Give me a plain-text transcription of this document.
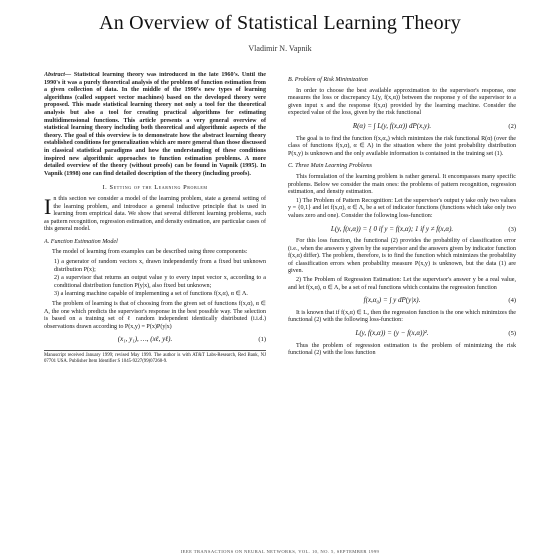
An Overview of Statistical Learning Theory
Vladimir N. Vapnik
Abstract— Statistical learning theory was introduced in the late 1960's. Until the 1990's it was a purely theoretical analysis of the problem of function estimation from a given collection of data. In the middle of the 1990's new types of learning algorithms (called support vector machines) based on the developed theory were proposed. This made statistical learning theory not only a tool for the theoretical analysis but also a tool for creating practical algorithms for estimating multidimensional functions. This article presents a very general overview of statistical learning theory including both theoretical and algorithmic aspects of the theory. The goal of this overview is to demonstrate how the abstract learning theory established conditions for generalization which are more general than those discussed in classical statistical paradigms and how the understanding of these conditions inspired new algorithmic approaches to function estimation problems. A more detailed overview of the theory (without proofs) can be found in Vapnik (1995). In Vapnik (1998) one can find detailed description of the theory (including proofs).
I. Setting of the Learning Problem
I n this section we consider a model of the learning problem, state a general setting of the learning problem, and introduce a general inductive principle that is used in learning from empirical data. We show that several different learning problems, such as pattern recognition, regression estimation, and density estimation, are particular cases of this general model.
A. Function Estimation Model
The model of learning from examples can be described using three components:
1) a generator of random vectors x, drawn independently from a fixed but unknown distribution P(x);
2) a supervisor that returns an output value y to every input vector x, according to a conditional distribution function P(y|x), also fixed but unknown;
3) a learning machine capable of implementing a set of functions f(x,α), α ∈ Λ.
The problem of learning is that of choosing from the given set of functions f(x,α), α ∈ Λ, the one which predicts the supervisor's response in the best possible way. The selection is based on a training set of ℓ random independent identically distributed (i.i.d.) observations drawn according to P(x,y) = P(x)P(y|x)
(x₁, y₁), …, (xℓ, yℓ).	(1)
Manuscript received January 1999; revised May 1999. The author is with AT&T Labs-Research, Red Bank, NJ 07701 USA. Publisher Item Identifier S 1045-9227(99)07268-9.
B. Problem of Risk Minimization
In order to choose the best available approximation to the supervisor's response, one measures the loss or discrepancy L(y, f(x,α)) between the response y of the supervisor to a given input x and the response f(x,α) provided by the learning machine. Consider the expected value of the loss, given by the risk functional
R(α) = ∫ L(y, f(x,α)) dP(x,y).	(2)
The goal is to find the function f(x,α₀) which minimizes the risk functional R(α) (over the class of functions f(x,α), α ∈ Λ) in the situation where the joint probability distribution P(x,y) is unknown and the only available information is contained in the training set (1).
C. Three Main Learning Problems
This formulation of the learning problem is rather general. It encompasses many specific problems. Below we consider the main ones: the problems of pattern recognition, regression estimation, and density estimation.
1) The Problem of Pattern Recognition: Let the supervisor's output y take only two values y = {0,1} and let f(x,α), α ∈ Λ, be a set of indicator functions (functions which take only two values zero and one). Consider the following loss-function:
L(y, f(x,α)) = { 0 if y = f(x,α); 1 if y ≠ f(x,α).	(3)
For this loss function, the functional (2) provides the probability of classification error (i.e., when the answers y given by the supervisor and the answers given by indicator function f(x,α) differ). The problem, therefore, is to find the function which minimizes the probability of classification errors when probability measure P(x,y) is unknown, but the data (1) are given.
2) The Problem of Regression Estimation: Let the supervisor's answer y be a real value, and let f(x,α), α ∈ Λ, be a set of real functions which contains the regression function
f(x,α₀) = ∫ y dP(y|x).	(4)
It is known that if f(x,α) ∈ L₂ then the regression function is the one which minimizes the functional (2) with the following loss-function:
L(y, f(x,α)) = (y − f(x,α))².	(5)
Thus the problem of regression estimation is the problem of minimizing the risk functional (2) with the loss function
IEEE TRANSACTIONS ON NEURAL NETWORKS, VOL. 10, NO. 5, SEPTEMBER 1999
